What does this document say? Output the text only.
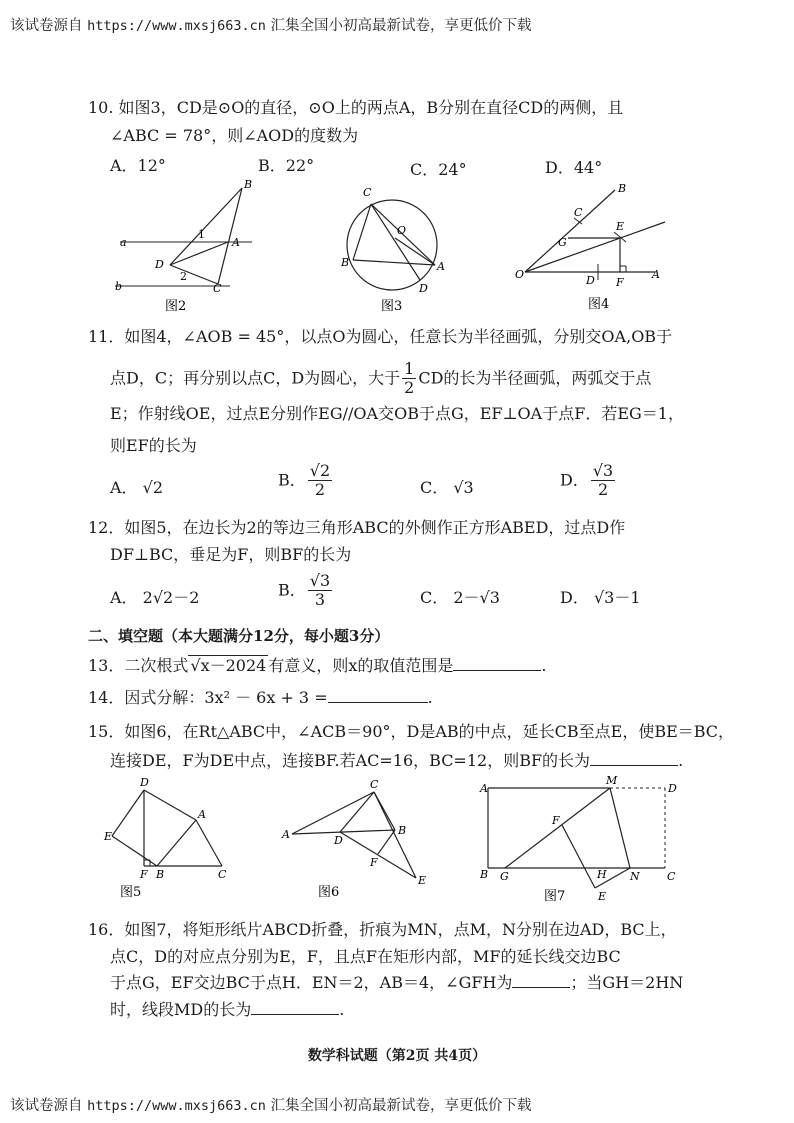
该试卷源自 https://www.mxsj663.cn 汇集全国小初高最新试卷，享更低价下载
10. 如图3，CD是⊙O的直径，⊙O上的两点A，B分别在直径CD的两侧，且
∠ABC = 78°，则∠AOD的度数为
A．12°	B．22°	C．24°	D．44°
B
A
1
2
D
C
a
b
图2
C
O
B	A
D
图3
B
C
G
E
O	D F
A
图4
11．如图4，∠AOB = 45°，以点O为圆心，任意长为半径画弧，分别交OA,OB于
点D，C；再分别以点C，D为圆心，大于 $\frac{1}{2}$ CD的长为半径画弧，两弧交于点
E；作射线OE，过点E分别作EG//OA交OB于点G，EF⊥OA于点F．若EG＝1，
则EF的长为
A． √2	B． $\frac{√2}{2}$	C． √3	D． $\frac{√3}{2}$
12．如图5，在边长为2的等边三角形ABC的外侧作正方形ABED，过点D作
DF⊥BC，垂足为F，则BF的长为
A． 2√2－2	B． $\frac{√3}{3}$	C． 2－√3	D． √3－1
二、填空题（本大题满分12分，每小题3分）
13．二次根式 √x－2024 有意义，则x的取值范围是	.
14．因式分解：3x² － 6x + 3 =	.
15．如图6，在Rt△ABC中，∠ACB＝90°，D是AB的中点，延长CB至点E，使BE＝BC，
连接DE，F为DE中点，连接BF.若AC=16，BC=12，则BF的长为	.
D
E
A
F B	C
图5
A
C
B
D
F
E
图6
A
M
D
F
B G	H N C
E
图7
16．如图7，将矩形纸片ABCD折叠，折痕为MN，点M，N分别在边AD，BC上，
点C，D的对应点分别为E，F，且点F在矩形内部，MF的延长线交边BC
于点G，EF交边BC于点H．EN＝2，AB＝4，∠GFH为	；当GH＝2HN
时，线段MD的长为	.
数学科试题（第2页 共4页）
该试卷源自 https://www.mxsj663.cn 汇集全国小初高最新试卷，享更低价下载
